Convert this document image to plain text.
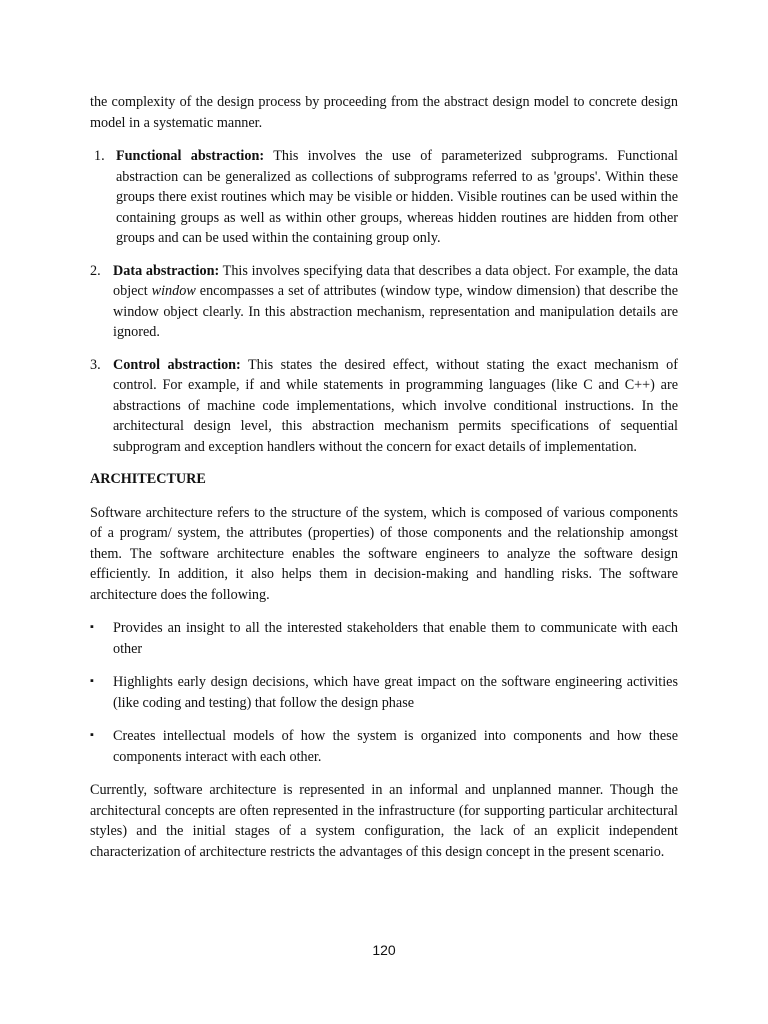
the complexity of the design process by proceeding from the abstract design model to concrete design model in a systematic manner.

1. Functional abstraction: This involves the use of parameterized subprograms. Functional abstraction can be generalized as collections of subprograms referred to as 'groups'. Within these groups there exist routines which may be visible or hidden. Visible routines can be used within the containing groups as well as within other groups, whereas hidden routines are hidden from other groups and can be used within the containing group only.
2. Data abstraction: This involves specifying data that describes a data object. For example, the data object window encompasses a set of attributes (window type, window dimension) that describe the window object clearly. In this abstraction mechanism, representation and manipulation details are ignored.
3. Control abstraction: This states the desired effect, without stating the exact mechanism of control. For example, if and while statements in programming languages (like C and C++) are abstractions of machine code implementations, which involve conditional instructions. In the architectural design level, this abstraction mechanism permits specifications of sequential subprogram and exception handlers without the concern for exact details of implementation.

ARCHITECTURE

Software architecture refers to the structure of the system, which is composed of various components of a program/ system, the attributes (properties) of those components and the relationship amongst them. The software architecture enables the software engineers to analyze the software design efficiently. In addition, it also helps them in decision-making and handling risks. The software architecture does the following.

▪ Provides an insight to all the interested stakeholders that enable them to communicate with each other
▪ Highlights early design decisions, which have great impact on the software engineering activities (like coding and testing) that follow the design phase
▪ Creates intellectual models of how the system is organized into components and how these components interact with each other.

Currently, software architecture is represented in an informal and unplanned manner. Though the architectural concepts are often represented in the infrastructure (for supporting particular architectural styles) and the initial stages of a system configuration, the lack of an explicit independent characterization of architecture restricts the advantages of this design concept in the present scenario.

120
